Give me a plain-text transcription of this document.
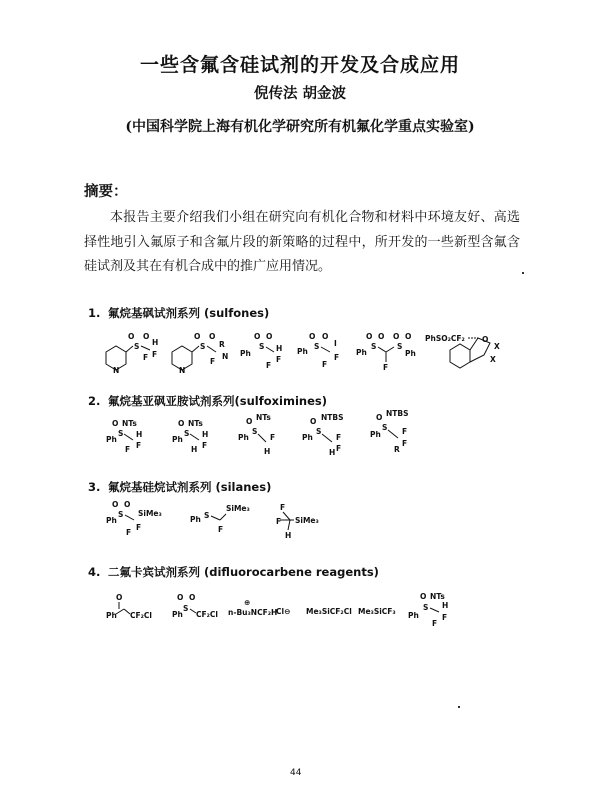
一些含氟含硅试剂的开发及合成应用
倪传法 胡金波
(中国科学院上海有机化学研究所有机氟化学重点实验室)
摘要：
本报告主要介绍我们小组在研究向有机化合物和材料中环境友好、高选择性地引入氟原子和含氟片段的新策略的过程中，所开发的一些新型含氟含硅试剂及其在有机合成中的推广应用情况。
1. 氟烷基砜试剂系列 (sulfones)
2. 氟烷基亚砜亚胺试剂系列(sulfoximines)
3. 氟烷基硅烷试剂系列 (silanes)
4. 二氟卡宾试剂系列 (difluorocarbene reagents)
N
O O
S H
F
F
N
O O
S R
N
F
Ph
O O
S H
F
F
Ph
O O
S I
F
F
Ph
O O
S
O O
S
Ph
F
PhSO₂CF₂ O
X
X
Ph
O NTs
S H
F
F
Ph
O NTs
S H
F
H
Ph
O NTs
S
F
H
Ph
O NTBS
S
F
F
H
Ph
O NTBS
S F
F
R
Ph
O O
S SiMe₃
F
F
Ph S
SiMe₃
F
F
F SiMe₃
H
O
Ph CF₂Cl	Ph
O O
S
CF₂Cl
⊕
n-Bu₃NCF₂H
Cl⊖ Me₃SiCF₂Cl Me₃SiCF₃ Ph
O NTs
S H
F
F
44
